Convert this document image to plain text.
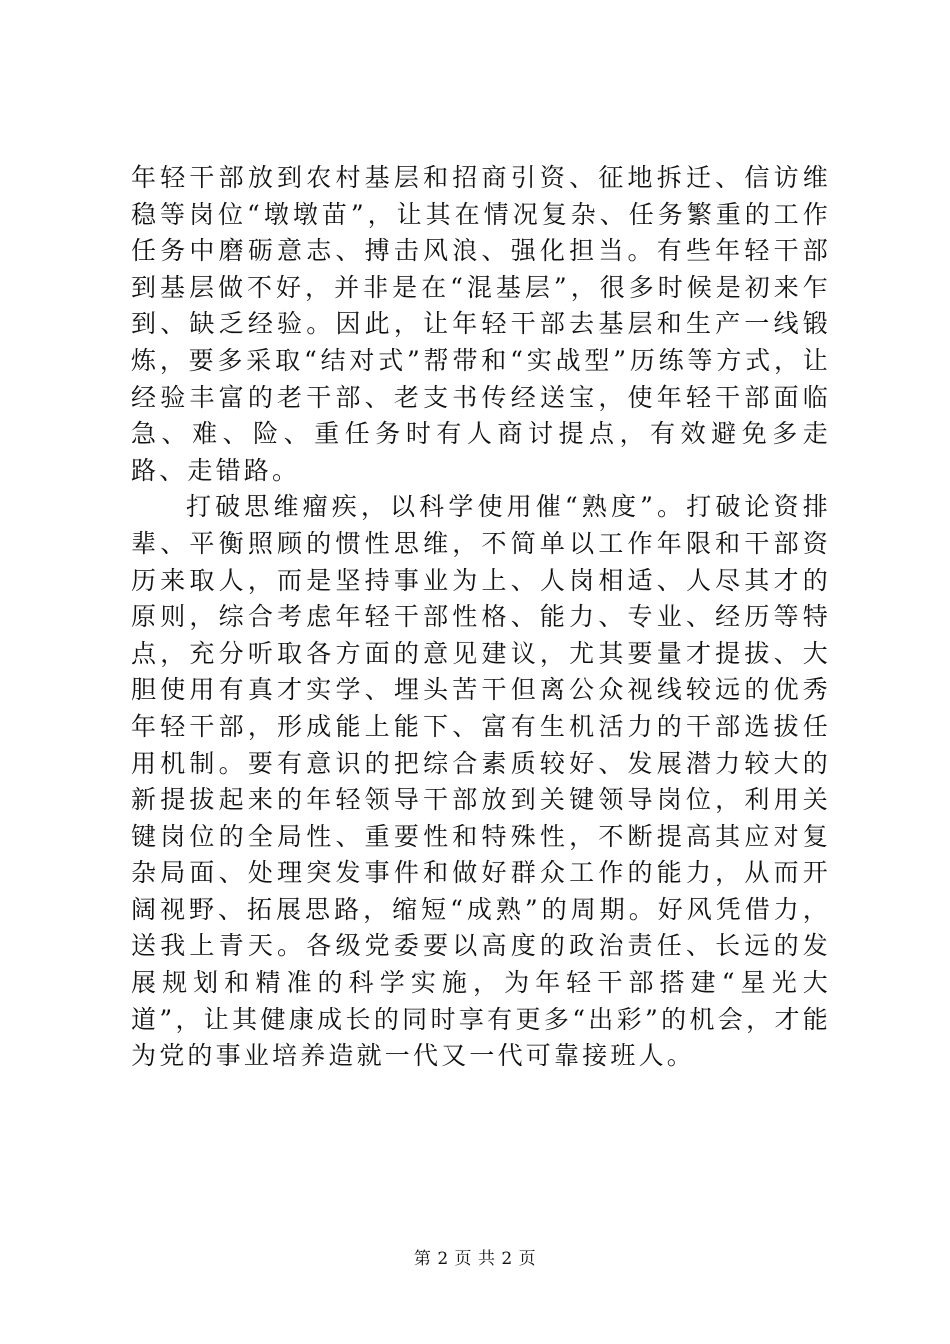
年轻干部放到农村基层和招商引资、征地拆迁、信访维稳等岗位“墩墩苗”，让其在情况复杂、任务繁重的工作任务中磨砺意志、搏击风浪、强化担当。有些年轻干部到基层做不好，并非是在“混基层”，很多时候是初来乍到、缺乏经验。因此，让年轻干部去基层和生产一线锻炼，要多采取“结对式”帮带和“实战型”历练等方式，让经验丰富的老干部、老支书传经送宝，使年轻干部面临急、难、险、重任务时有人商讨提点，有效避免多走路、走错路。

打破思维瘤疾，以科学使用催“熟度”。打破论资排辈、平衡照顾的惯性思维，不简单以工作年限和干部资历来取人，而是坚持事业为上、人岗相适、人尽其才的原则，综合考虑年轻干部性格、能力、专业、经历等特点，充分听取各方面的意见建议，尤其要量才提拔、大胆使用有真才实学、埋头苦干但离公众视线较远的优秀年轻干部，形成能上能下、富有生机活力的干部选拔任用机制。要有意识的把综合素质较好、发展潜力较大的新提拔起来的年轻领导干部放到关键领导岗位，利用关键岗位的全局性、重要性和特殊性，不断提高其应对复杂局面、处理突发事件和做好群众工作的能力，从而开阔视野、拓展思路，缩短“成熟”的周期。好风凭借力，送我上青天。各级党委要以高度的政治责任、长远的发展规划和精准的科学实施，为年轻干部搭建“星光大道”，让其健康成长的同时享有更多“出彩”的机会，才能为党的事业培养造就一代又一代可靠接班人。

第 2 页 共 2 页
